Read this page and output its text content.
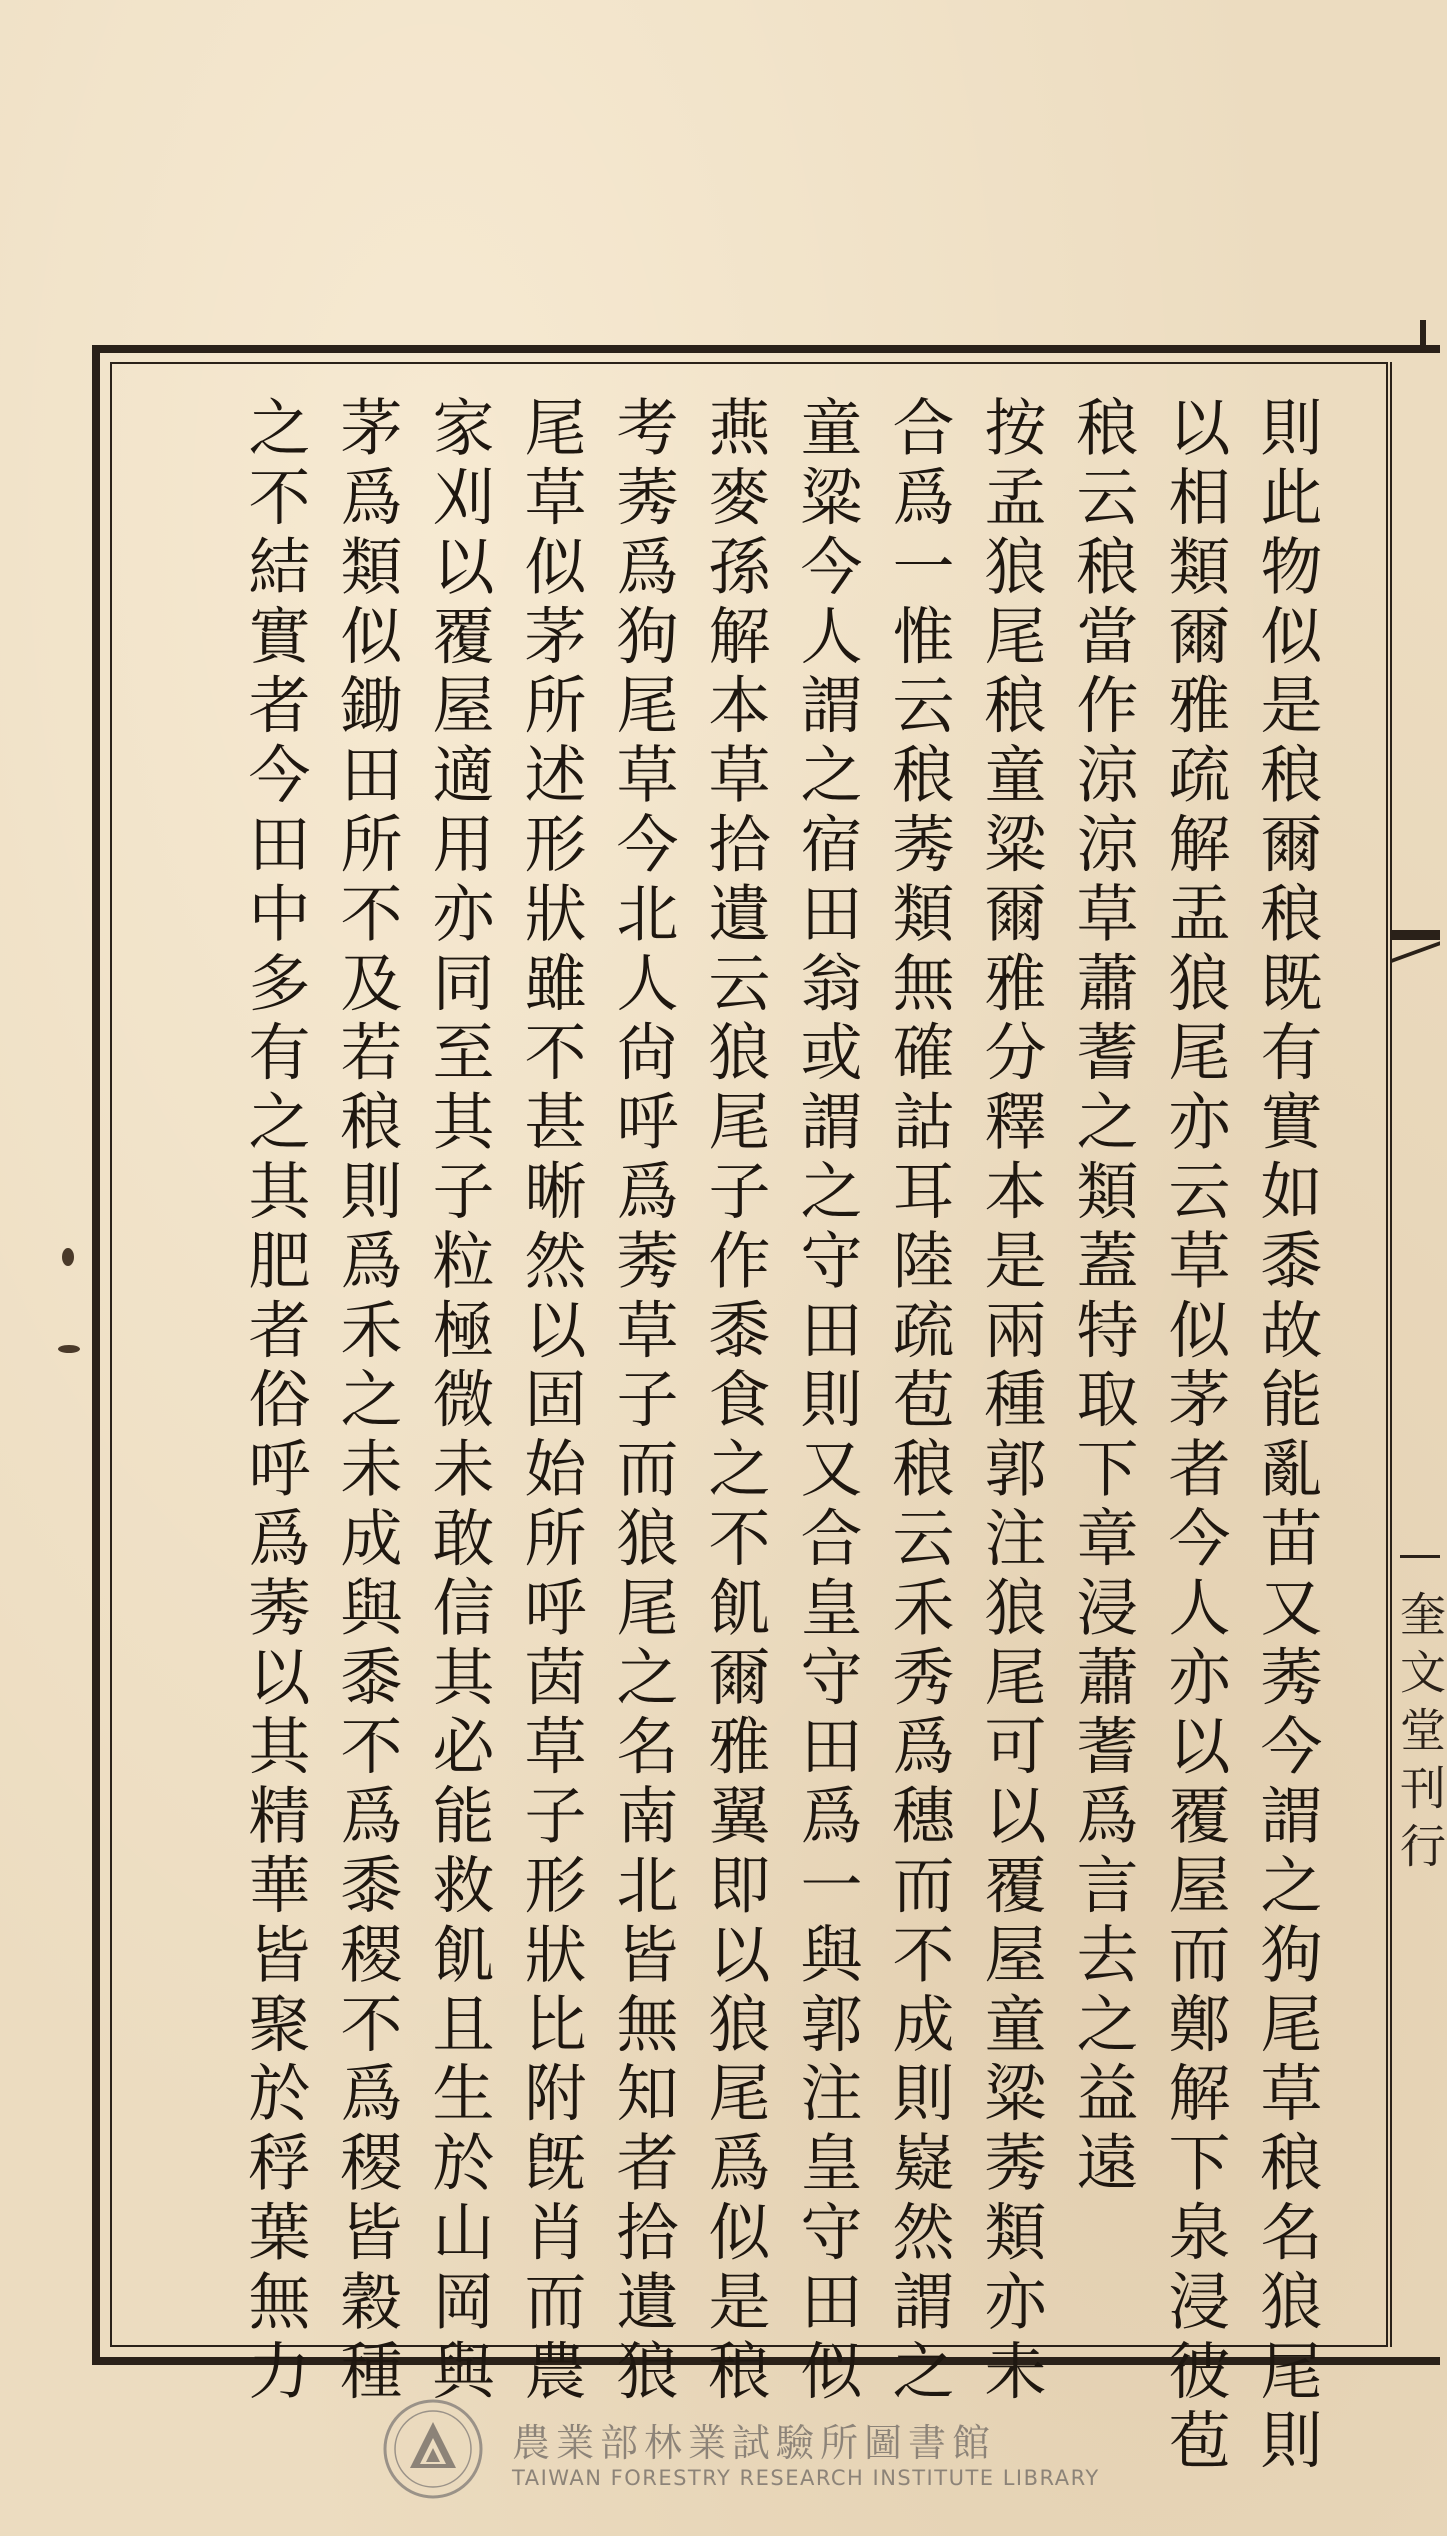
奎文堂刊行
則此物似是稂爾稂既有實如黍故能亂苗又莠今謂之狗尾草稂名狼尾則
以相類爾雅疏解盂狼尾亦云草似茅者今人亦以覆屋而鄭解下泉浸彼苞
稂云稂當作涼涼草蕭蓍之類蓋特取下章浸蕭蓍爲言去之益遠
按孟狼尾稂童粱爾雅分釋本是兩種郭注狼尾可以覆屋童粱莠類亦未
合爲一惟云稂莠類無確詁耳陸疏苞稂云禾秀爲穗而不成則嶷然謂之
童粱今人謂之宿田翁或謂之守田則又合皇守田爲一與郭注皇守田似
燕麥孫解本草拾遺云狼尾子作黍食之不飢爾雅翼即以狼尾爲似是稂
考莠爲狗尾草今北人尙呼爲莠草子而狼尾之名南北皆無知者拾遺狼
尾草似茅所述形狀雖不甚晰然以固始所呼茵草子形狀比附旣肖而農
家刈以覆屋適用亦同至其子粒極微未敢信其必能救飢且生於山岡與
茅爲類似鋤田所不及若稂則爲禾之未成與黍不爲黍稷不爲稷皆穀種
之不結實者今田中多有之其肥者俗呼爲莠以其精華皆聚於稃葉無力
農業部林業試驗所圖書館
TAIWAN FORESTRY RESEARCH INSTITUTE LIBRARY
